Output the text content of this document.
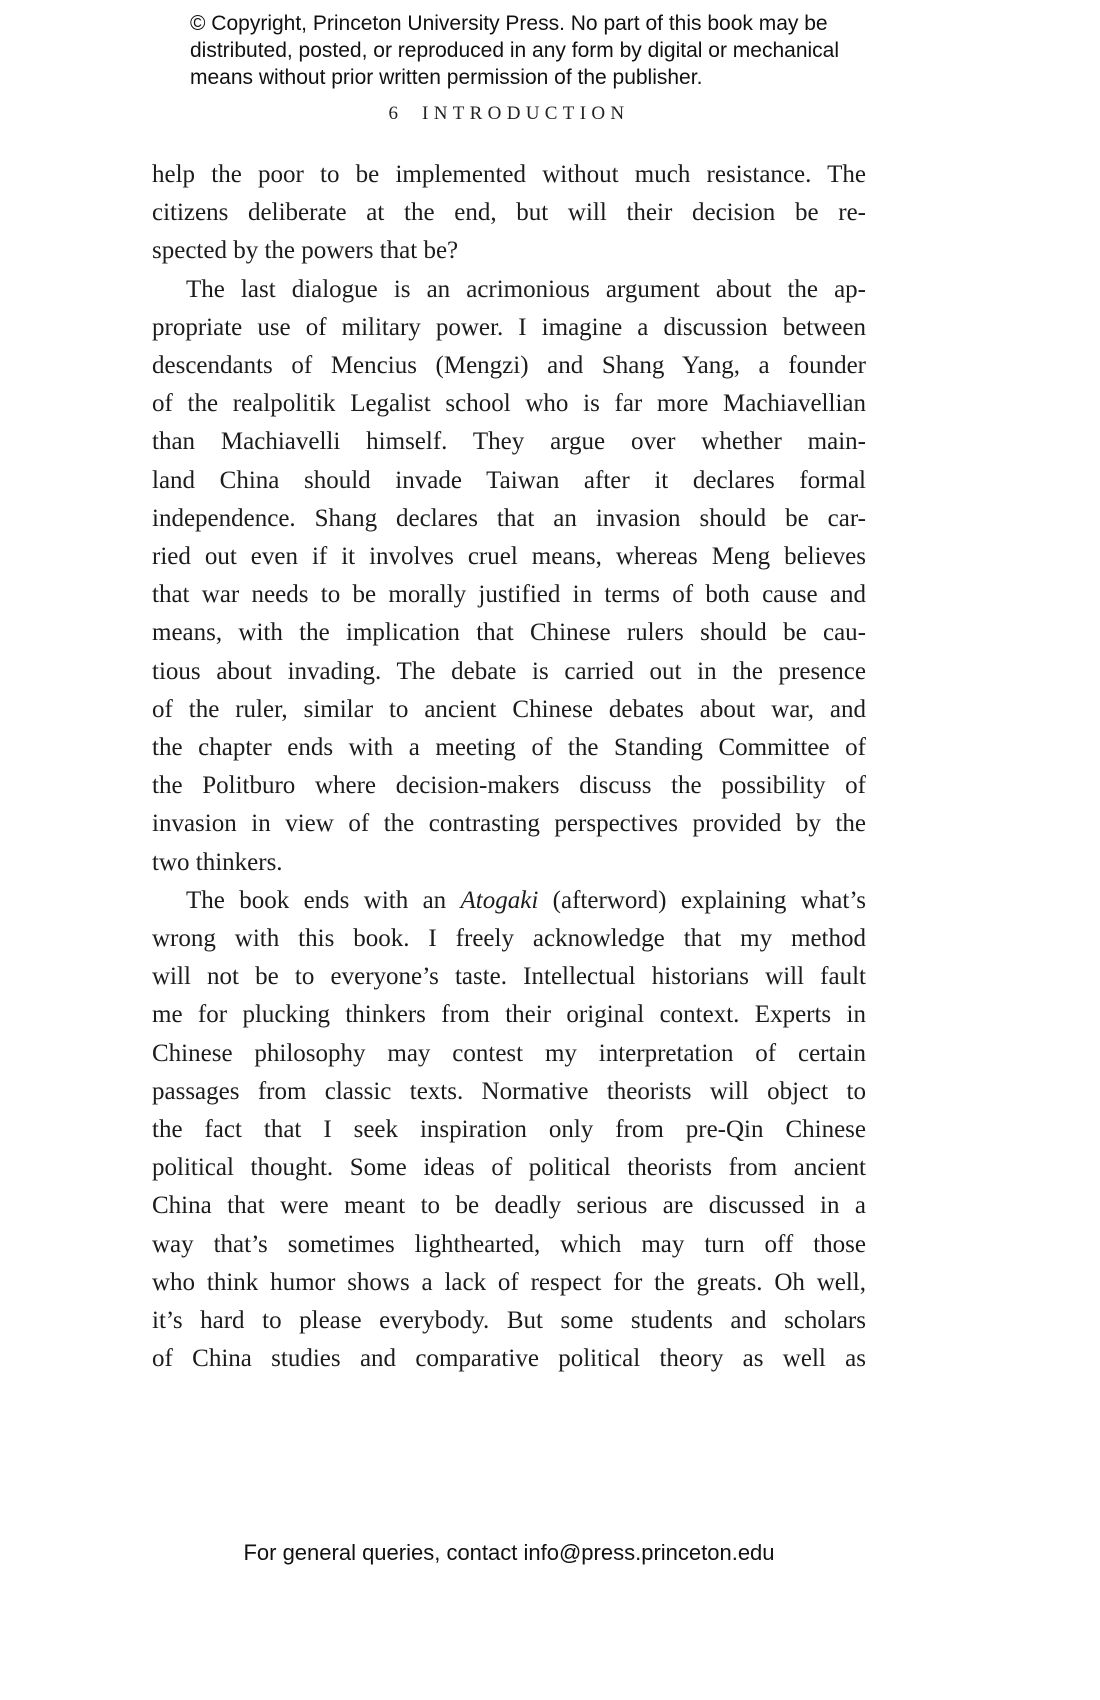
© Copyright, Princeton University Press. No part of this book may be
distributed, posted, or reproduced in any form by digital or mechanical
means without prior written permission of the publisher.
6 INTRODUCTION
help the poor to be implemented without much resistance. The
citizens deliberate at the end, but will their decision be re-
spected by the powers that be?
The last dialogue is an acrimonious argument about the ap-
propriate use of military power. I imagine a discussion between
descendants of Mencius (Mengzi) and Shang Yang, a founder
of the realpolitik Legalist school who is far more Machiavellian
than Machiavelli himself. They argue over whether main-
land China should invade Taiwan after it declares formal
independence. Shang declares that an invasion should be car-
ried out even if it involves cruel means, whereas Meng believes
that war needs to be morally justified in terms of both cause and
means, with the implication that Chinese rulers should be cau-
tious about invading. The debate is carried out in the presence
of the ruler, similar to ancient Chinese debates about war, and
the chapter ends with a meeting of the Standing Committee of
the Politburo where decision-makers discuss the possibility of
invasion in view of the contrasting perspectives provided by the
two thinkers.
The book ends with an Atogaki (afterword) explaining what’s
wrong with this book. I freely acknowledge that my method
will not be to everyone’s taste. Intellectual historians will fault
me for plucking thinkers from their original context. Experts in
Chinese philosophy may contest my interpretation of certain
passages from classic texts. Normative theorists will object to
the fact that I seek inspiration only from pre-Qin Chinese
political thought. Some ideas of political theorists from ancient
China that were meant to be deadly serious are discussed in a
way that’s sometimes lighthearted, which may turn off those
who think humor shows a lack of respect for the greats. Oh well,
it’s hard to please everybody. But some students and scholars
of China studies and comparative political theory as well as
For general queries, contact info@press.princeton.edu
